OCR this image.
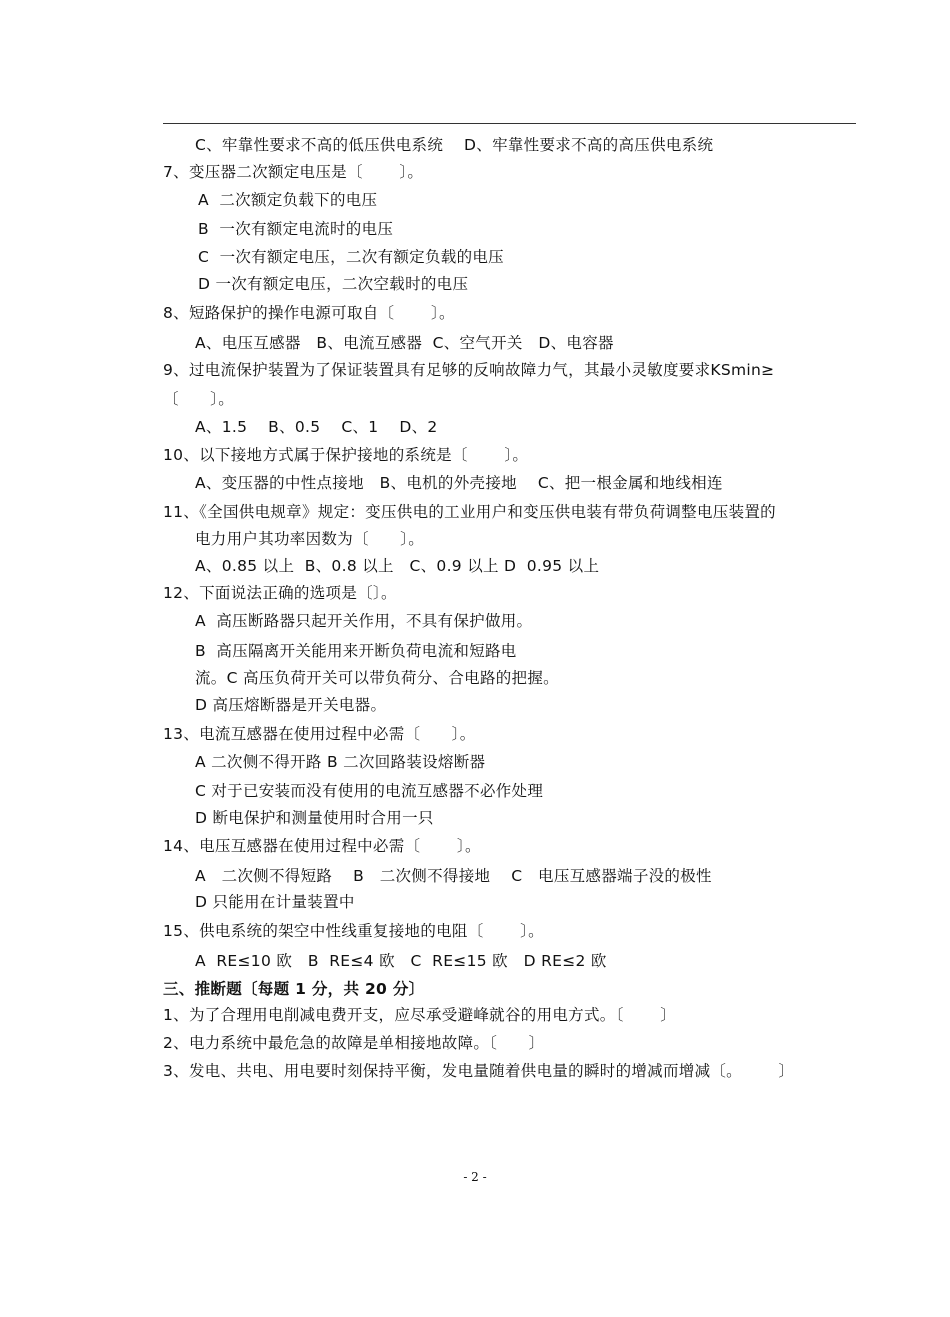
C、牢靠性要求不高的低压供电系统    D、牢靠性要求不高的高压供电系统
7、变压器二次额定电压是〔       〕。
A  二次额定负载下的电压
B  一次有额定电流时的电压
C  一次有额定电压，二次有额定负载的电压
D 一次有额定电压，二次空载时的电压
8、短路保护的操作电源可取自〔       〕。
A、电压互感器   B、电流互感器  C、空气开关   D、电容器
9、过电流保护装置为了保证装置具有足够的反响故障力气，其最小灵敏度要求KSmin≥
〔      〕。
A、1.5    B、0.5    C、1    D、2
10、以下接地方式属于保护接地的系统是〔       〕。
A、变压器的中性点接地   B、电机的外壳接地    C、把一根金属和地线相连
11、《全国供电规章》规定：变压供电的工业用户和变压供电装有带负荷调整电压装置的
电力用户其功率因数为〔      〕。
A、0.85 以上  B、0.8 以上   C、0.9 以上 D  0.95 以上
12、下面说法正确的选项是〔〕。
A  高压断路器只起开关作用，不具有保护做用。
B  高压隔离开关能用来开断负荷电流和短路电
流。C 高压负荷开关可以带负荷分、合电路的把握。
D 高压熔断器是开关电器。
13、电流互感器在使用过程中必需〔      〕。
A 二次侧不得开路 B 二次回路装设熔断器
C 对于已安装而没有使用的电流互感器不必作处理
D 断电保护和测量使用时合用一只
14、电压互感器在使用过程中必需〔       〕。
A   二次侧不得短路    B   二次侧不得接地    C   电压互感器端子没的极性
D 只能用在计量装置中
15、供电系统的架空中性线重复接地的电阻〔       〕。
A  RE≤10 欧   B  RE≤4 欧   C  RE≤15 欧   D RE≤2 欧
三、推断题〔每题 1 分，共 20 分〕
1、为了合理用电削减电费开支，应尽承受避峰就谷的用电方式。〔       〕
2、电力系统中最危急的故障是单相接地故障。〔      〕
3、发电、共电、用电要时刻保持平衡，发电量随着供电量的瞬时的增减而增减〔。       〕
- 2 -
